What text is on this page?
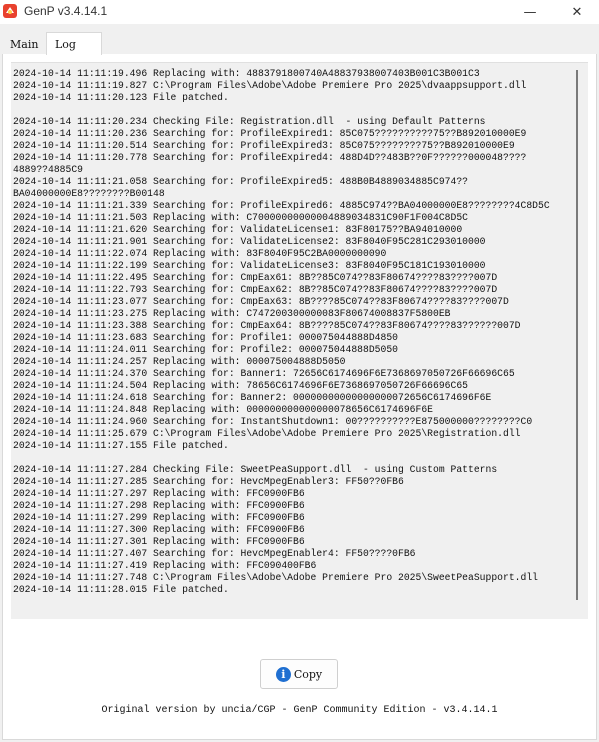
GenP v3.4.14.1	—	✕
Main Log
2024-10-14 11:11:19.496 Replacing with: 4883791800740A48837938007403B001C3B001C3
2024-10-14 11:11:19.827 C:\Program Files\Adobe\Adobe Premiere Pro 2025\dvaappsupport.dll
2024-10-14 11:11:20.123 File patched.

2024-10-14 11:11:20.234 Checking File: Registration.dll  - using Default Patterns
2024-10-14 11:11:20.236 Searching for: ProfileExpired1: 85C075??????????75??B892010000E9
2024-10-14 11:11:20.514 Searching for: ProfileExpired3: 85C075????????75??B892010000E9
2024-10-14 11:11:20.778 Searching for: ProfileExpired4: 488D4D??483B??0F??????000048????
4889??4885C9
2024-10-14 11:11:21.058 Searching for: ProfileExpired5: 488B0B4889034885C974??
BA04000000E8????????B00148
2024-10-14 11:11:21.339 Searching for: ProfileExpired6: 4885C974??BA04000000E8????????4C8D5C
2024-10-14 11:11:21.503 Replacing with: C70000000000004889034831C90F1F004C8D5C
2024-10-14 11:11:21.620 Searching for: ValidateLicense1: 83F80175??BA94010000
2024-10-14 11:11:21.901 Searching for: ValidateLicense2: 83F8040F95C281C293010000
2024-10-14 11:11:22.074 Replacing with: 83F8040F95C2BA0000000090
2024-10-14 11:11:22.199 Searching for: ValidateLicense3: 83F8040F95C181C193010000
2024-10-14 11:11:22.495 Searching for: CmpEax61: 8B??85C074??83F80674????83????007D
2024-10-14 11:11:22.793 Searching for: CmpEax62: 8B??85C074??83F80674????83????007D
2024-10-14 11:11:23.077 Searching for: CmpEax63: 8B????85C074??83F80674????83????007D
2024-10-14 11:11:23.275 Replacing with: C747200300000083F80674008837F5800EB
2024-10-14 11:11:23.388 Searching for: CmpEax64: 8B????85C074??83F80674????83??????007D
2024-10-14 11:11:23.683 Searching for: Profile1: 000075044888D4850
2024-10-14 11:11:24.011 Searching for: Profile2: 000075044888D5050
2024-10-14 11:11:24.257 Replacing with: 000075004888D5050
2024-10-14 11:11:24.370 Searching for: Banner1: 72656C6174696F6E7368697050726F66696C65
2024-10-14 11:11:24.504 Replacing with: 78656C6174696F6E7368697050726F66696C65
2024-10-14 11:11:24.618 Searching for: Banner2: 00000000000000000072656C6174696F6E
2024-10-14 11:11:24.848 Replacing with: 000000000000000078656C6174696F6E
2024-10-14 11:11:24.960 Searching for: InstantShutdown1: 00??????????E875000000????????C0
2024-10-14 11:11:25.679 C:\Program Files\Adobe\Adobe Premiere Pro 2025\Registration.dll
2024-10-14 11:11:27.155 File patched.

2024-10-14 11:11:27.284 Checking File: SweetPeaSupport.dll  - using Custom Patterns
2024-10-14 11:11:27.285 Searching for: HevcMpegEnabler3: FF50??0FB6
2024-10-14 11:11:27.297 Replacing with: FFC0900FB6
2024-10-14 11:11:27.298 Replacing with: FFC0900FB6
2024-10-14 11:11:27.299 Replacing with: FFC0900FB6
2024-10-14 11:11:27.300 Replacing with: FFC0900FB6
2024-10-14 11:11:27.301 Replacing with: FFC0900FB6
2024-10-14 11:11:27.407 Searching for: HevcMpegEnabler4: FF50????0FB6
2024-10-14 11:11:27.419 Replacing with: FFC090400FB6
2024-10-14 11:11:27.748 C:\Program Files\Adobe\Adobe Premiere Pro 2025\SweetPeaSupport.dll
2024-10-14 11:11:28.015 File patched.
i Copy
Original version by uncia/CGP - GenP Community Edition - v3.4.14.1
